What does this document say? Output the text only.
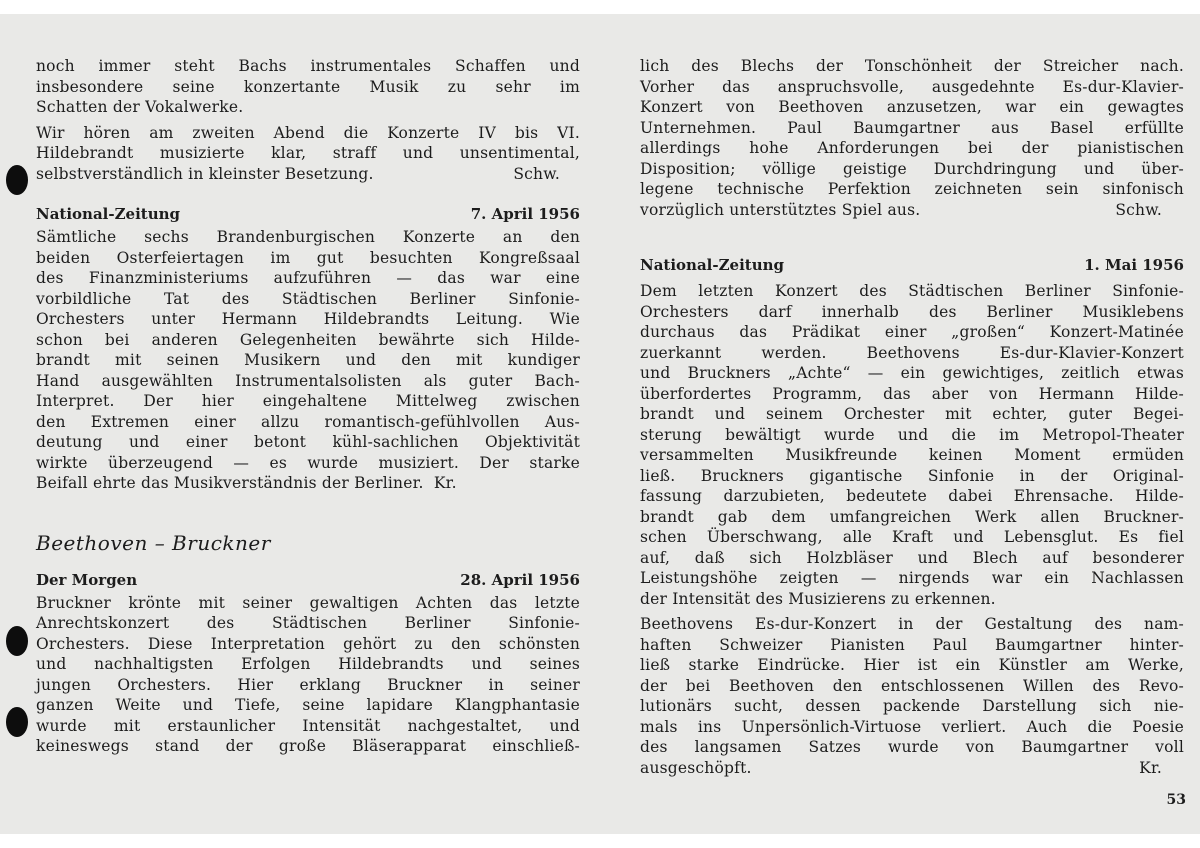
noch immer steht Bachs instrumentales Schaffen und
insbesondere seine konzertante Musik zu sehr im
Schatten der Vokalwerke.
Wir hören am zweiten Abend die Konzerte IV bis VI.
Hildebrandt musizierte klar, straff und unsentimental,
selbstverständlich in kleinster Besetzung.	Schw.
National-Zeitung	7. April 1956
Sämtliche sechs Brandenburgischen Konzerte an den
beiden Osterfeiertagen im gut besuchten Kongreßsaal
des Finanzministeriums aufzuführen — das war eine
vorbildliche Tat des Städtischen Berliner Sinfonie-
Orchesters unter Hermann Hildebrandts Leitung. Wie
schon bei anderen Gelegenheiten bewährte sich Hilde-
brandt mit seinen Musikern und den mit kundiger
Hand ausgewählten Instrumentalsolisten als guter Bach-
Interpret. Der hier eingehaltene Mittelweg zwischen
den Extremen einer allzu romantisch-gefühlvollen Aus-
deutung und einer betont kühl-sachlichen Objektivität
wirkte überzeugend — es wurde musiziert. Der starke
Beifall ehrte das Musikverständnis der Berliner. Kr.
Beethoven – Bruckner
Der Morgen	28. April 1956
Bruckner krönte mit seiner gewaltigen Achten das letzte
Anrechtskonzert des Städtischen Berliner Sinfonie-
Orchesters. Diese Interpretation gehört zu den schönsten
und nachhaltigsten Erfolgen Hildebrandts und seines
jungen Orchesters. Hier erklang Bruckner in seiner
ganzen Weite und Tiefe, seine lapidare Klangphantasie
wurde mit erstaunlicher Intensität nachgestaltet, und
keineswegs stand der große Bläserapparat einschließ-
lich des Blechs der Tonschönheit der Streicher nach.
Vorher das anspruchsvolle, ausgedehnte Es-dur-Klavier-
Konzert von Beethoven anzusetzen, war ein gewagtes
Unternehmen. Paul Baumgartner aus Basel erfüllte
allerdings hohe Anforderungen bei der pianistischen
Disposition; völlige geistige Durchdringung und über-
legene technische Perfektion zeichneten sein sinfonisch
vorzüglich unterstütztes Spiel aus.	Schw.
National-Zeitung	1. Mai 1956
Dem letzten Konzert des Städtischen Berliner Sinfonie-
Orchesters darf innerhalb des Berliner Musiklebens
durchaus das Prädikat einer „großen“ Konzert-Matinée
zuerkannt werden. Beethovens Es-dur-Klavier-Konzert
und Bruckners „Achte“ — ein gewichtiges, zeitlich etwas
überfordertes Programm, das aber von Hermann Hilde-
brandt und seinem Orchester mit echter, guter Begei-
sterung bewältigt wurde und die im Metropol-Theater
versammelten Musikfreunde keinen Moment ermüden
ließ. Bruckners gigantische Sinfonie in der Original-
fassung darzubieten, bedeutete dabei Ehrensache. Hilde-
brandt gab dem umfangreichen Werk allen Bruckner-
schen Überschwang, alle Kraft und Lebensglut. Es fiel
auf, daß sich Holzbläser und Blech auf besonderer
Leistungshöhe zeigten — nirgends war ein Nachlassen
der Intensität des Musizierens zu erkennen.
Beethovens Es-dur-Konzert in der Gestaltung des nam-
haften Schweizer Pianisten Paul Baumgartner hinter-
ließ starke Eindrücke. Hier ist ein Künstler am Werke,
der bei Beethoven den entschlossenen Willen des Revo-
lutionärs sucht, dessen packende Darstellung sich nie-
mals ins Unpersönlich-Virtuose verliert. Auch die Poesie
des langsamen Satzes wurde von Baumgartner voll
ausgeschöpft.	Kr.
53
